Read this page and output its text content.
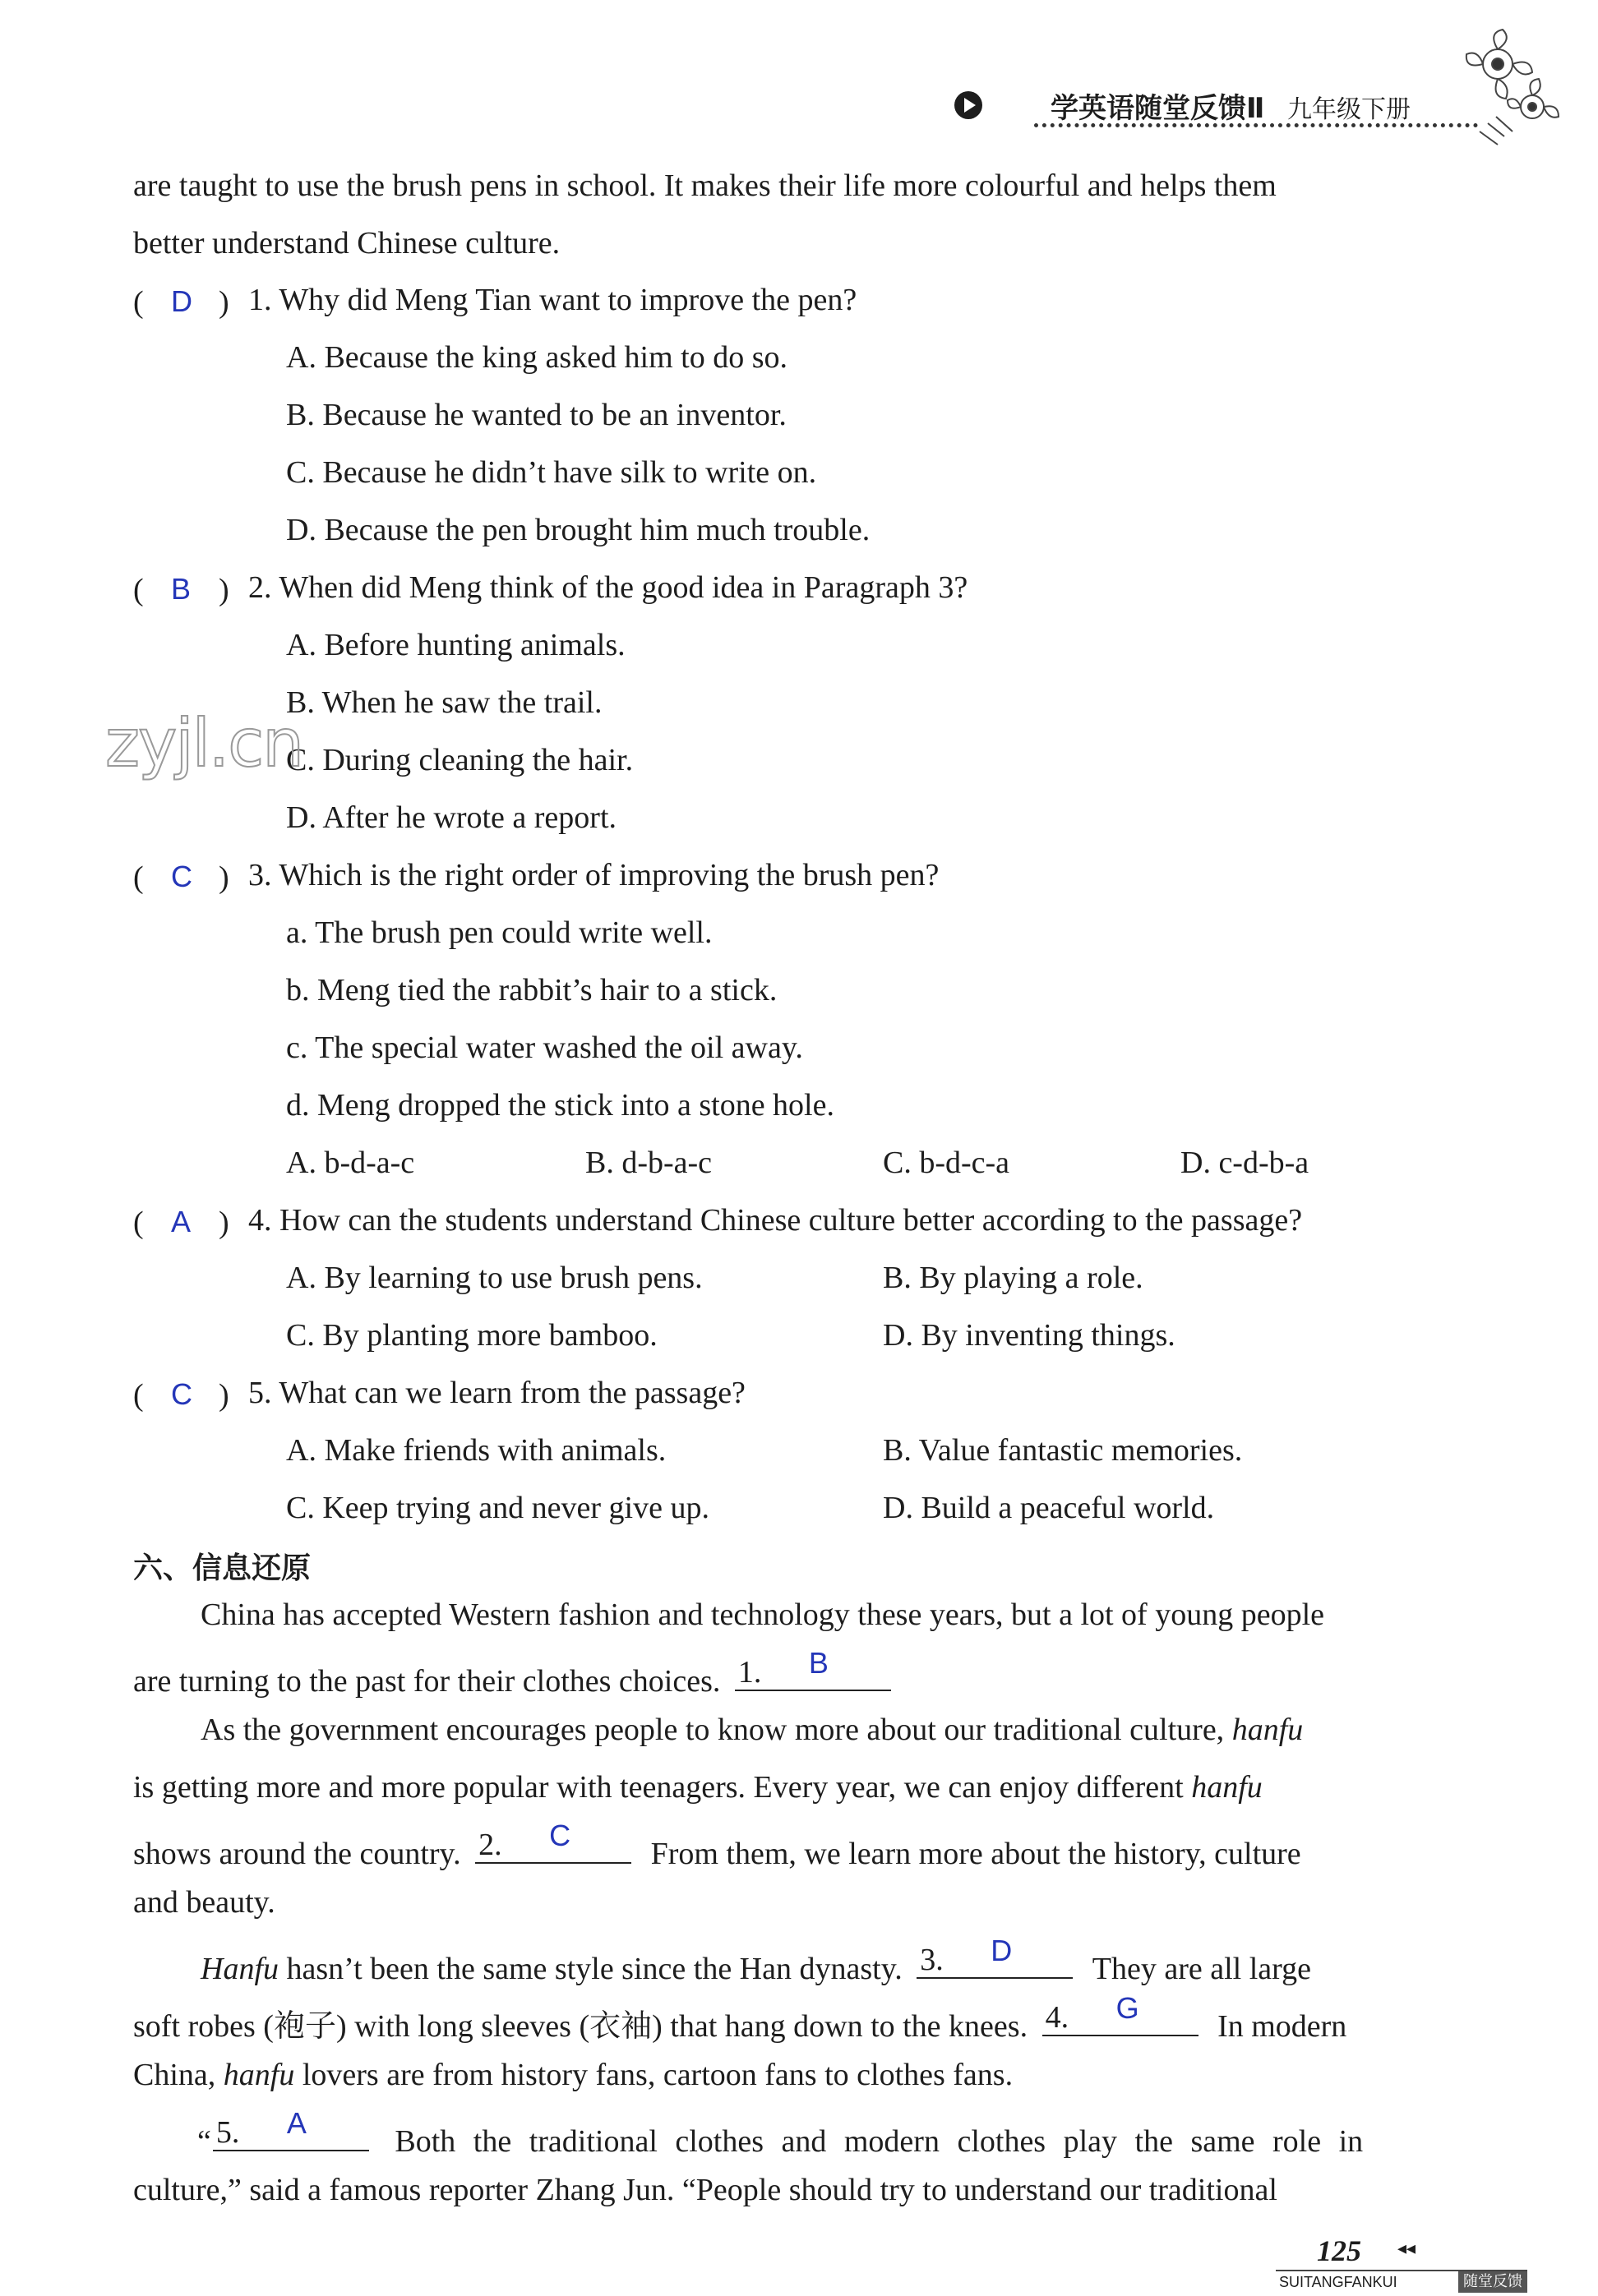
学英语随堂反馈Ⅱ 九年级下册
are taught to use the brush pens in school. It makes their life more colourful and helps them
better understand Chinese culture.
( D ) 1. Why did Meng Tian want to improve the pen?
A. Because the king asked him to do so.
B. Because he wanted to be an inventor.
C. Because he didn’t have silk to write on.
D. Because the pen brought him much trouble.
( B ) 2. When did Meng think of the good idea in Paragraph 3?
A. Before hunting animals.
B. When he saw the trail.
C. During cleaning the hair.
D. After he wrote a report.
zyjl.cn
( C ) 3. Which is the right order of improving the brush pen?
a. The brush pen could write well.
b. Meng tied the rabbit’s hair to a stick.
c. The special water washed the oil away.
d. Meng dropped the stick into a stone hole.
A. b-d-a-c	B. d-b-a-c	C. b-d-c-a	D. c-d-b-a
( A ) 4. How can the students understand Chinese culture better according to the passage?
A. By learning to use brush pens.	B. By playing a role.
C. By planting more bamboo.	D. By inventing things.
( C ) 5. What can we learn from the passage?
A. Make friends with animals.	B. Value fantastic memories.
C. Keep trying and never give up.	D. Build a peaceful world.
六、信息还原
China has accepted Western fashion and technology these years, but a lot of young people
are turning to the past for their clothes choices. 1. B
As the government encourages people to know more about our traditional culture, hanfu
is getting more and more popular with teenagers. Every year, we can enjoy different hanfu
shows around the country. 2. C
From them, we learn more about the history, culture
and beauty.
Hanfu hasn’t been the same style since the Han dynasty. 3. D
They are all large
soft robes (袍子) with long sleeves (衣袖) that hang down to the knees. 4. G
In modern
China, hanfu lovers are from history fans, cartoon fans to clothes fans.
“ 5. A
Both the traditional clothes and modern clothes play the same role in
culture,” said a famous reporter Zhang Jun. “People should try to understand our traditional
125 ◂◂
SUITANGFANKUI	随堂反馈
